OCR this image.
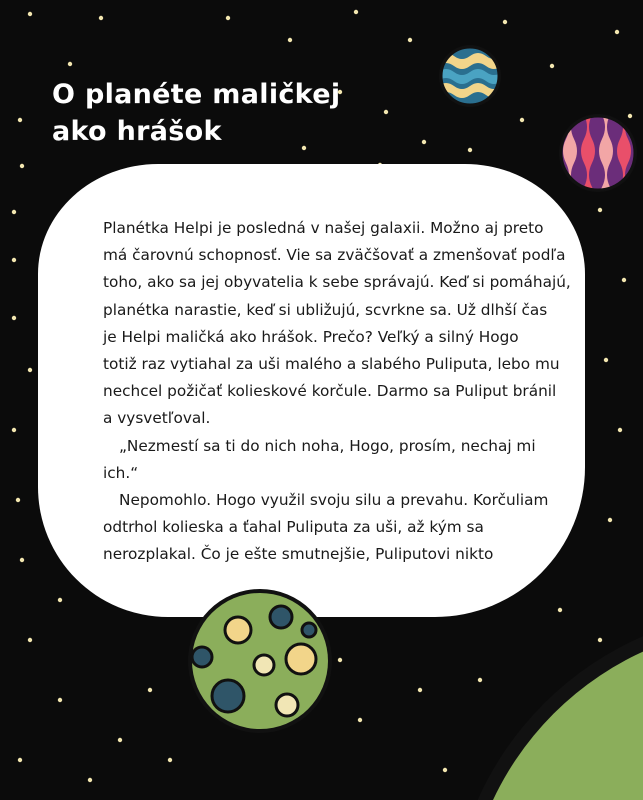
O planéte maličkej
ako hrášok
Planétka Helpi je posledná v našej galaxii. Možno aj preto
má čarovnú schopnosť. Vie sa zväčšovať a zmenšovať podľa
toho, ako sa jej obyvatelia k sebe správajú. Keď si pomáhajú,
planétka narastie, keď si ubližujú, scvrkne sa. Už dlhší čas
je Helpi maličká ako hrášok. Prečo? Veľký a silný Hogo
totiž raz vytiahal za uši malého a slabého Puliputa, lebo mu
nechcel požičať kolieskové korčule. Darmo sa Puliput bránil
a vysvetľoval.
„Nezmestí sa ti do nich noha, Hogo, prosím, nechaj mi
ich.“
Nepomohlo. Hogo využil svoju silu a prevahu. Korčuliam
odtrhol kolieska a ťahal Puliputa za uši, až kým sa
nerozplakal. Čo je ešte smutnejšie, Puliputovi nikto
